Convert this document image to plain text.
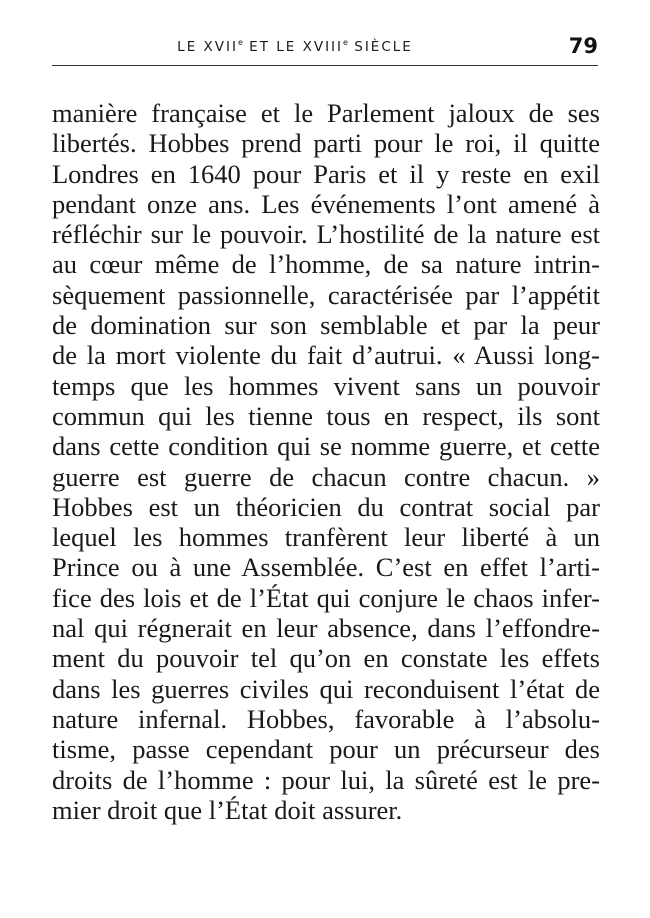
LE XVIIe ET LE XVIIIe SIÈCLE	79
manière française et le Parlement jaloux de ses
libertés. Hobbes prend parti pour le roi, il quitte
Londres en 1640 pour Paris et il y reste en exil
pendant onze ans. Les événements l’ont amené à
réfléchir sur le pouvoir. L’hostilité de la nature est
au cœur même de l’homme, de sa nature intrin-
sèquement passionnelle, caractérisée par l’appétit
de domination sur son semblable et par la peur
de la mort violente du fait d’autrui. « Aussi long-
temps que les hommes vivent sans un pouvoir
commun qui les tienne tous en respect, ils sont
dans cette condition qui se nomme guerre, et cette
guerre est guerre de chacun contre chacun. »
Hobbes est un théoricien du contrat social par
lequel les hommes tranfèrent leur liberté à un
Prince ou à une Assemblée. C’est en effet l’arti-
fice des lois et de l’État qui conjure le chaos infer-
nal qui régnerait en leur absence, dans l’effondre-
ment du pouvoir tel qu’on en constate les effets
dans les guerres civiles qui reconduisent l’état de
nature infernal. Hobbes, favorable à l’absolu-
tisme, passe cependant pour un précurseur des
droits de l’homme : pour lui, la sûreté est le pre-
mier droit que l’État doit assurer.
